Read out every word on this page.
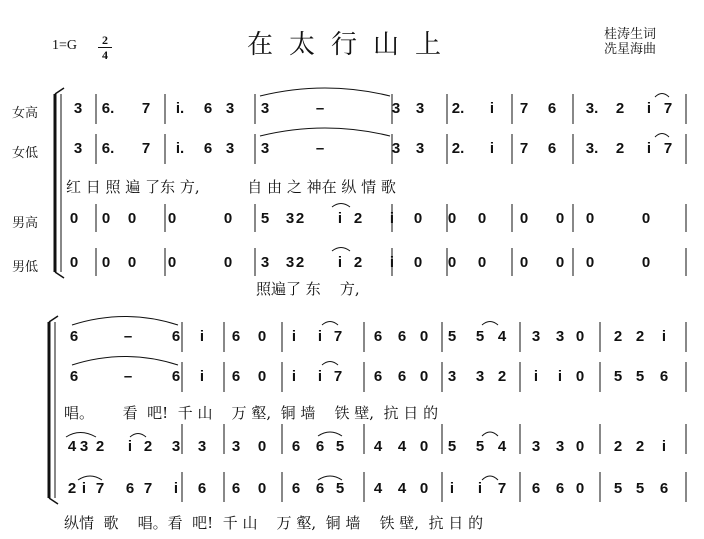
在太行山上	桂涛生词
冼星海曲
1=G	2
4
女高
女低
男高
男低
3 6. 7 i. 6 3 3	–	3 3 2.	i	7 6 3. 2	i 7
3 6. 7 i. 6 3 3	–	3 3 2.	i	7 6 3. 2	i 7
0 0 0 0	0 5 3 2	i 2	i	0 0 0 0 0 0	0
0 0 0 0	0 3 3 2	i 2	i	0 0 0 0 0 0	0
6	–	6	i	6 0	i	i 7 6 6 0 5 5 4 3 3 0 2 2	i
6	–	6	i	6 0	i	i 7 6 6 0 3 3 2	i	i 0 5 5 6
4 3 2	i 2 3 3 3 0 6 6 5 4 4 0 5 5 4 3 3 0 2 2	i
2 i 7 6 7	i	6 6 0 6 6 5 4 4 0	i	i	7 6 6 0 5 5 6
红 日 照 遍 了东 方,          自 由 之 神在 纵 情 歌
照遍了 东    方,
唱。      看  吧!  千 山    万 壑,  铜 墙    铁 壁,  抗 日 的
纵情  歌    唱。看  吧!  千 山    万 壑,  铜 墙    铁 壁,  抗 日 的
